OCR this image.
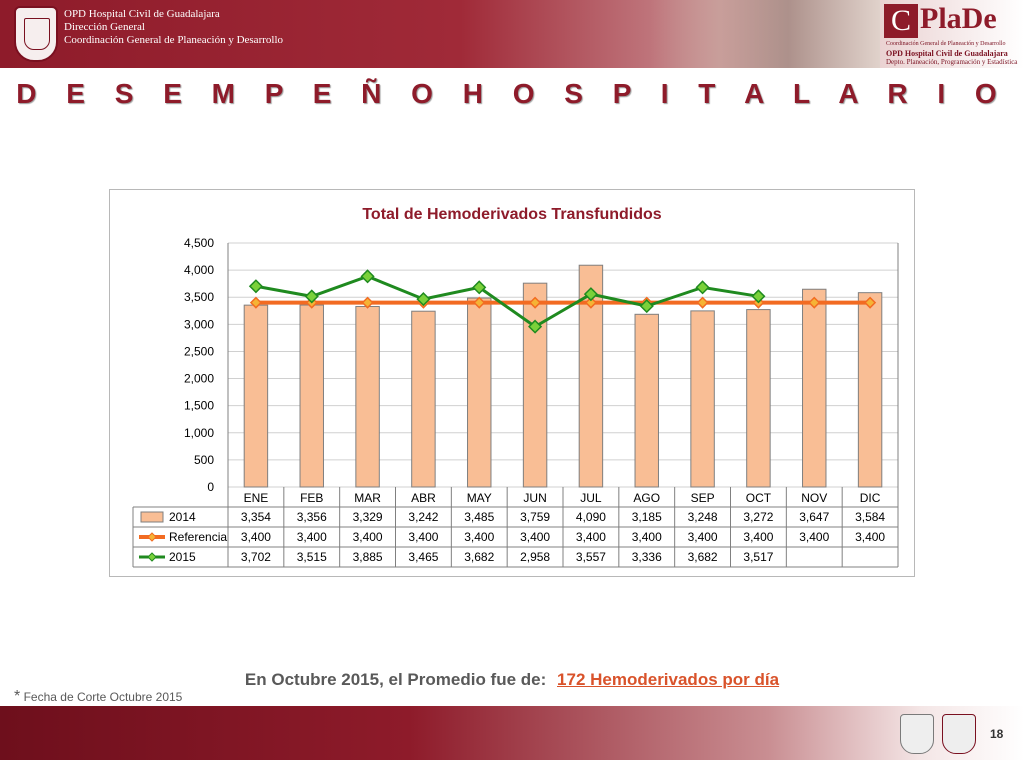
OPD Hospital Civil de Guadalajara
Dirección General
Coordinación General de Planeación y Desarrollo
C PlaDe
Coordinación General de Planeación y Desarrollo
OPD Hospital Civil de Guadalajara
Depto. Planeación, Programación y Estadística
D E S E M P E Ñ O H O S P I T A L A R I O
Total de Hemoderivados Transfundidos
4,500
4,000
3,500
3,000
2,500
2,000
1,500
1,000
500
0
ENE	FEB	MAR	ABR	MAY	JUN	JUL	AGO	SEP	OCT	NOV	DIC
2014	3,354 3,356 3,329 3,242 3,485 3,759 4,090 3,185 3,248 3,272 3,647 3,584
Referencia 3,400 3,400 3,400 3,400 3,400 3,400 3,400 3,400 3,400 3,400 3,400 3,400
2015	3,702 3,515 3,885 3,465 3,682 2,958 3,557 3,336 3,682 3,517
En Octubre 2015, el Promedio fue de: 172 Hemoderivados por día
* Fecha de Corte Octubre 2015
18
